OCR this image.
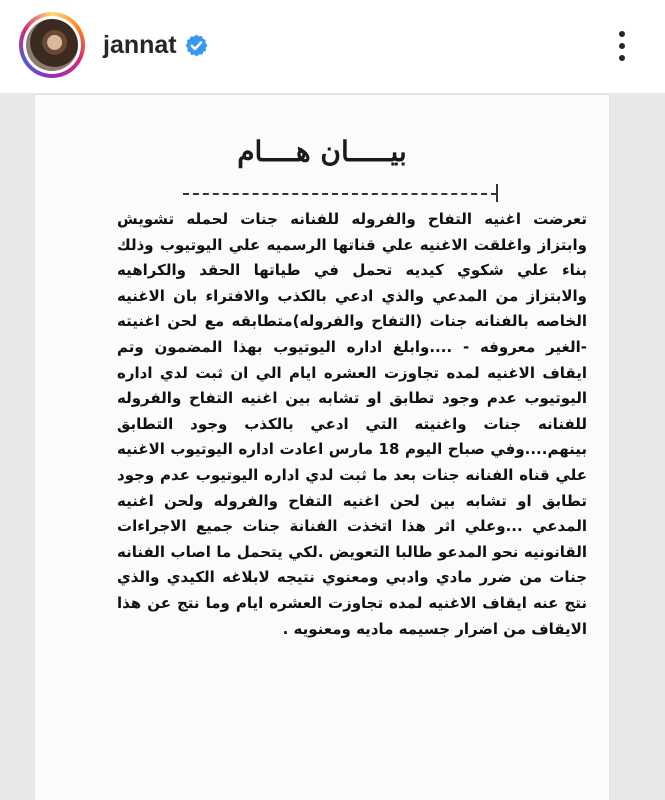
jannat
بيـــــان هــــام
تعرضت اغنيه التفاح والفروله للفنانه جنات لحمله تشويش وابتزاز واغلقت الاغنيه علي قناتها الرسميه علي اليوتيوب وذلك بناء علي شكوي كيديه تحمل في طياتها الحقد والكراهيه والابتزاز من المدعي والذي ادعي بالكذب والافتراء بان الاغنيه الخاصه بالفنانه جنات (التفاح والفروله)متطابقه مع لحن اغنيته -الغير معروفه - ....وابلغ اداره اليوتيوب بهذا المضمون وتم ايقاف الاغنيه لمده تجاوزت العشره ايام الي ان ثبت لدي اداره اليوتيوب عدم وجود تطابق او تشابه بين اغنيه التفاح والفروله للفنانه جنات واغنيته التي ادعي بالكذب وجود التطابق بينهم....وفي صباح اليوم 18 مارس اعادت اداره اليوتيوب الاغنيه علي قناه الفنانه جنات بعد ما ثبت لدي اداره اليوتيوب عدم وجود تطابق او تشابه بين لحن اغنيه التفاح والفروله ولحن اغنيه المدعي ...وعلي اثر هذا اتخذت الفنانة جنات جميع الاجراءات القانونيه نحو المدعو طالبا التعويض .لكي يتحمل ما اصاب الفنانه جنات من ضرر مادي وادبي ومعنوي نتيجه لابلاغه الكيدي والذي نتج عنه ايقاف الاغنيه لمده تجاوزت العشره ايام وما نتج عن هذا الايقاف من اضرار جسيمه ماديه ومعنويه .
